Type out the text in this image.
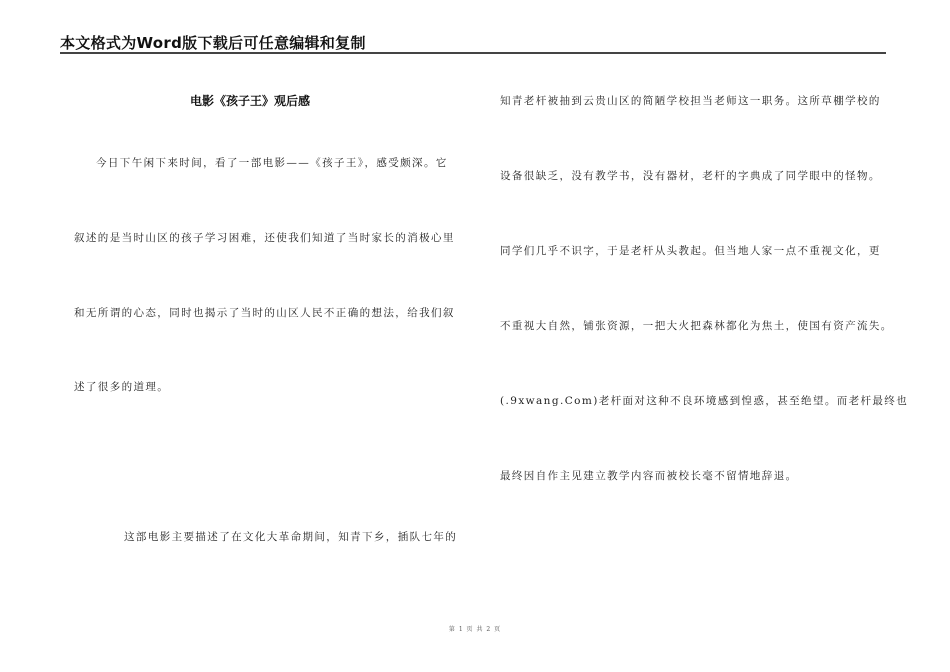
本文格式为Word版下载后可任意编辑和复制
电影《孩子王》观后感
今日下午闲下来时间，看了一部电影——《孩子王》，感受颇深。它
叙述的是当时山区的孩子学习困难，还使我们知道了当时家长的消极心里
和无所谓的心态，同时也揭示了当时的山区人民不正确的想法，给我们叙
述了很多的道理。
这部电影主要描述了在文化大革命期间，知青下乡，插队七年的
知青老杆被抽到云贵山区的简陋学校担当老师这一职务。这所草棚学校的
设备很缺乏，没有教学书，没有器材，老杆的字典成了同学眼中的怪物。
同学们几乎不识字，于是老杆从头教起。但当地人家一点不重视文化，更
不重视大自然，铺张资源，一把大火把森林都化为焦土，使国有资产流失。
(.9xwang.Com)老杆面对这种不良环境感到惶惑，甚至绝望。而老杆最终也
最终因自作主见建立教学内容而被校长毫不留情地辞退。
第 1 页 共 2 页
